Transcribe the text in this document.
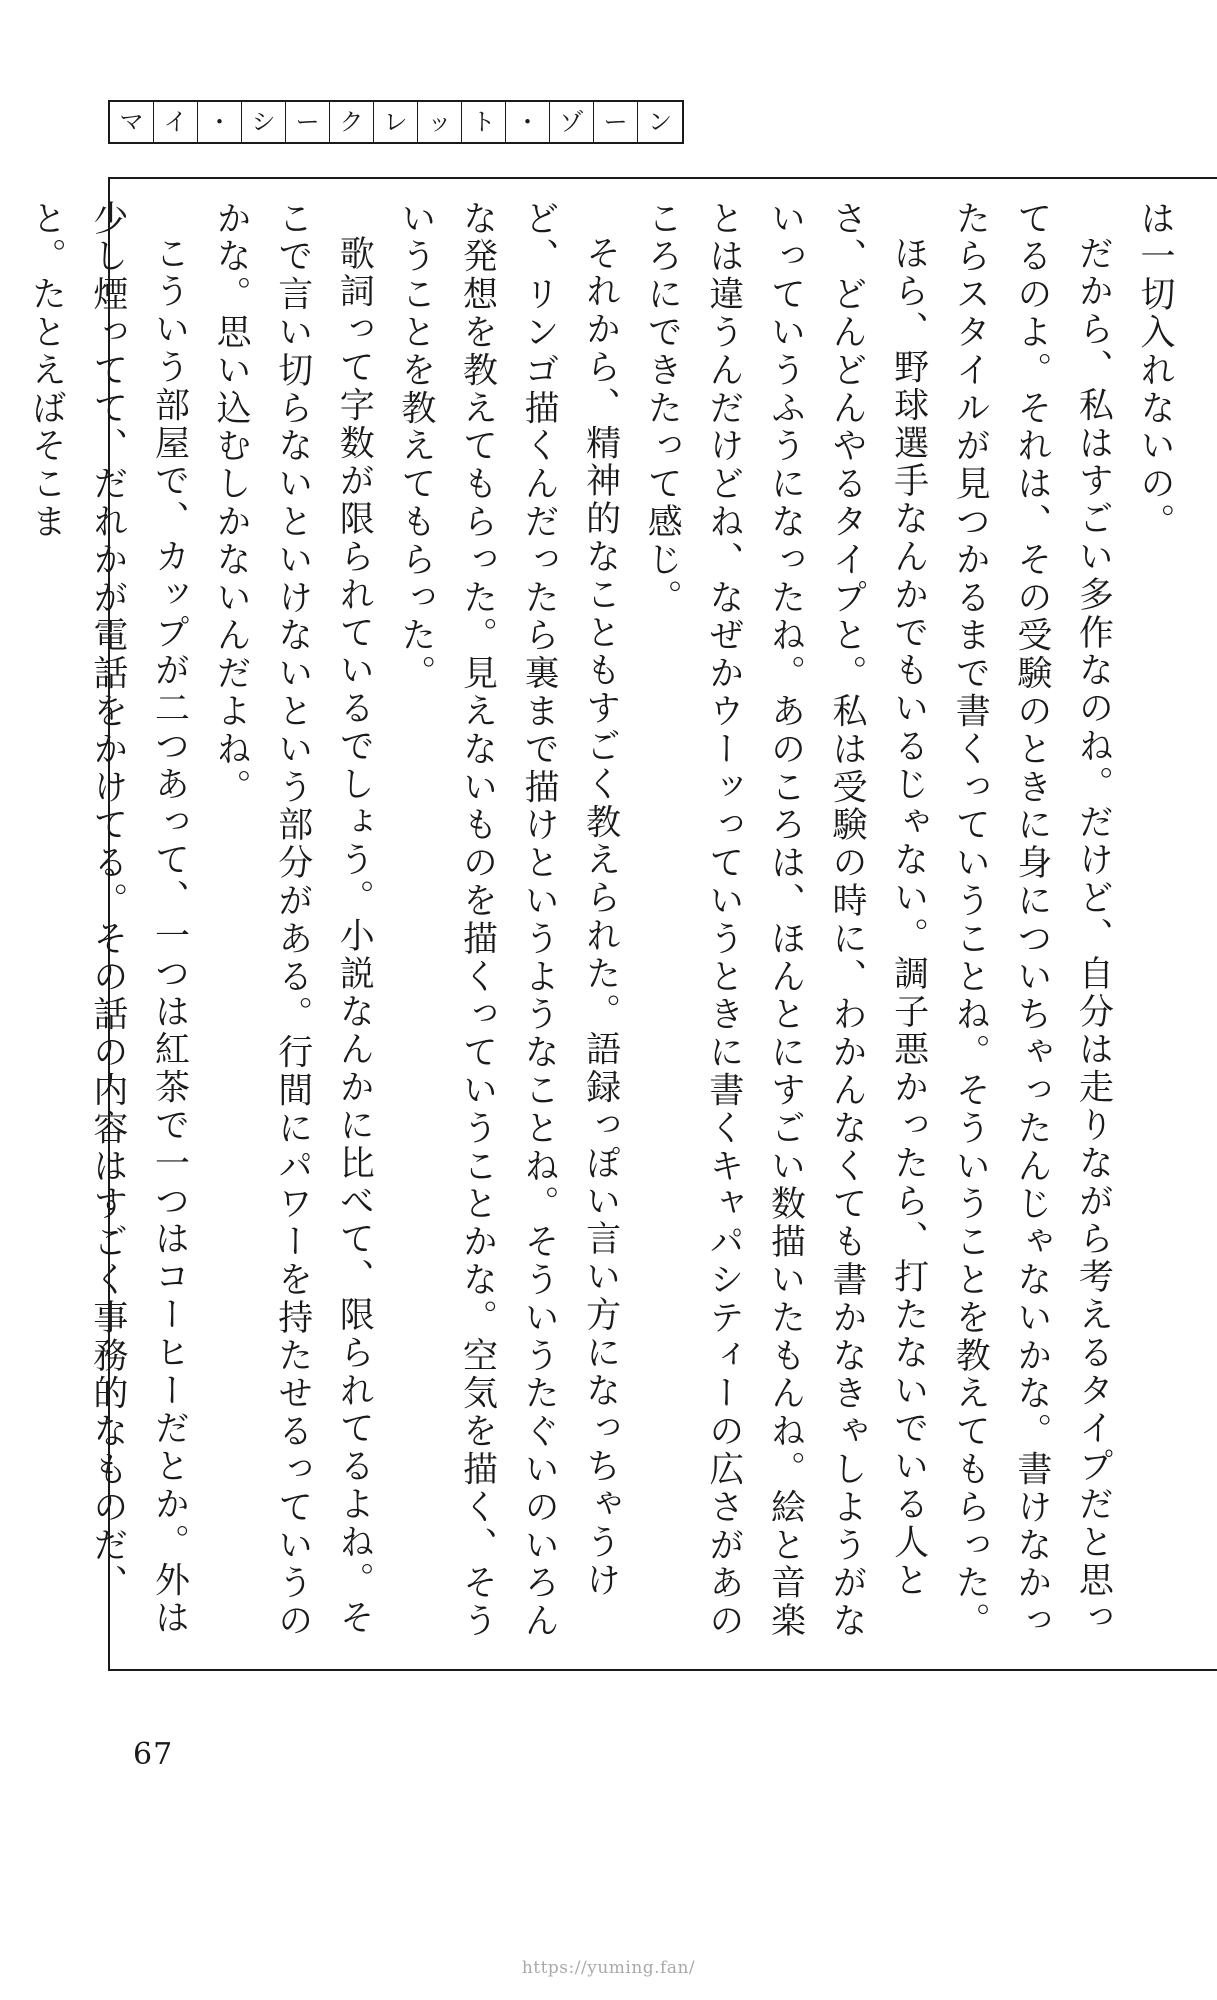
マ イ ・ シ ー ク レ ッ ト ・ ゾ ー ン

は一切入れないの。

だから、私はすごい多作なのね。だけど、自分は走りながら考えるタイプだと思ってるのよ。それは、その受験のときに身についちゃったんじゃないかな。書けなかったらスタイルが見つかるまで書くっていうことね。そういうことを教えてもらった。

ほら、野球選手なんかでもいるじゃない。調子悪かったら、打たないでいる人とさ、どんどんやるタイプと。私は受験の時に、わかんなくても書かなきゃしようがないっていうふうになったね。あのころは、ほんとにすごい数描いたもんね。絵と音楽とは違うんだけどね、なぜかウーッっていうときに書くキャパシティーの広さがあのころにできたって感じ。

それから、精神的なこともすごく教えられた。語録っぽい言い方になっちゃうけど、リンゴ描くんだったら裏まで描けというようなことね。そういうたぐいのいろんな発想を教えてもらった。見えないものを描くっていうことかな。空気を描く、そういうことを教えてもらった。

歌詞って字数が限られているでしょう。小説なんかに比べて、限られてるよね。そこで言い切らないといけないという部分がある。行間にパワーを持たせるっていうのかな。思い込むしかないんだよね。

こういう部屋で、カップが二つあって、一つは紅茶で一つはコーヒーだとか。外は少し煙ってて、だれかが電話をかけてる。その話の内容はすごく事務的なものだ、と。たとえばそこま

67
https://yuming.fan/
